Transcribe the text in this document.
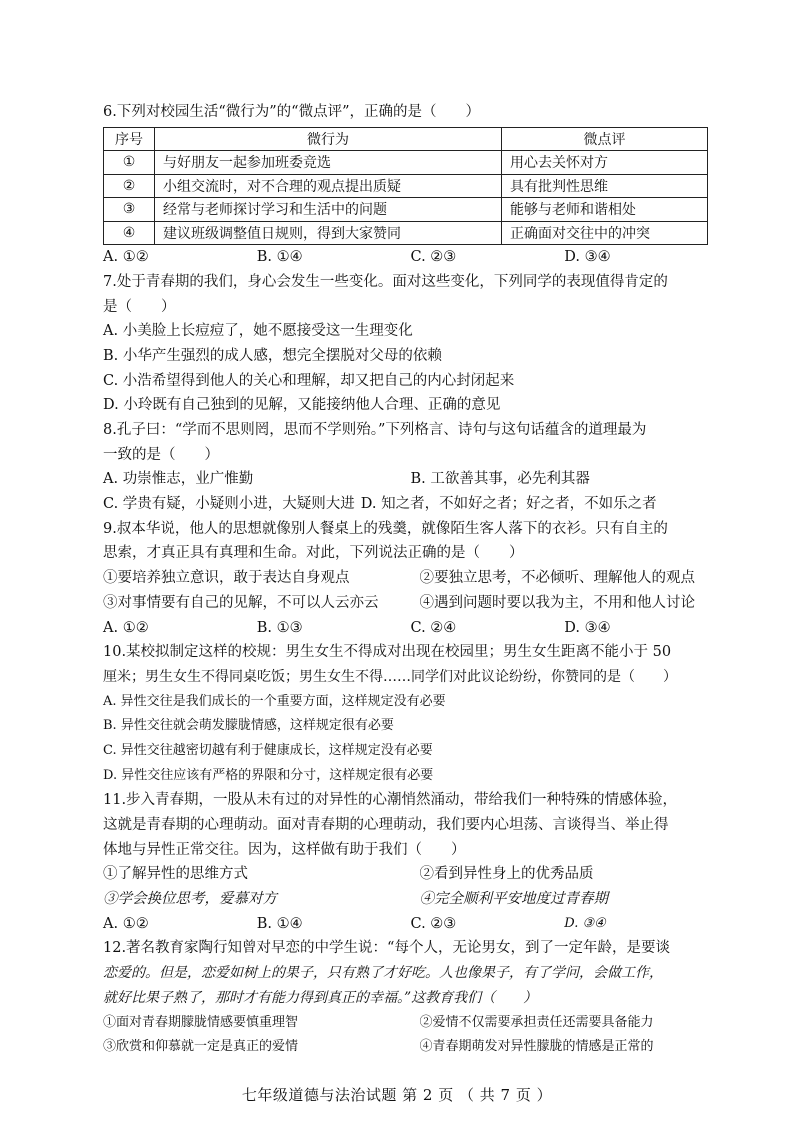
6.下列对校园生活“微行为”的“微点评”，正确的是（　　）
序号	微行为	微点评
①	与好朋友一起参加班委竞选	用心去关怀对方
②	小组交流时，对不合理的观点提出质疑	具有批判性思维
③	经常与老师探讨学习和生活中的问题	能够与老师和谐相处
④	建议班级调整值日规则，得到大家赞同	正确面对交往中的冲突
A. ①②	B. ①④	C. ②③	D. ③④
7.处于青春期的我们，身心会发生一些变化。面对这些变化，下列同学的表现值得肯定的
是（　　）
A. 小美脸上长痘痘了，她不愿接受这一生理变化
B. 小华产生强烈的成人感，想完全摆脱对父母的依赖
C. 小浩希望得到他人的关心和理解，却又把自己的内心封闭起来
D. 小玲既有自己独到的见解，又能接纳他人合理、正确的意见
8.孔子曰：“学而不思则罔，思而不学则殆。”下列格言、诗句与这句话蕴含的道理最为
一致的是（　　）
A. 功崇惟志，业广惟勤	B. 工欲善其事，必先利其器
C. 学贵有疑，小疑则小进，大疑则大进 D. 知之者，不如好之者；好之者，不如乐之者
9.叔本华说，他人的思想就像别人餐桌上的残羹，就像陌生客人落下的衣衫。只有自主的
思索，才真正具有真理和生命。对此，下列说法正确的是（　　）
①要培养独立意识，敢于表达自身观点	②要独立思考，不必倾听、理解他人的观点
③对事情要有自己的见解，不可以人云亦云	④遇到问题时要以我为主，不用和他人讨论
A. ①②	B. ①③	C. ②④	D. ③④
10.某校拟制定这样的校规：男生女生不得成对出现在校园里；男生女生距离不能小于 50
厘米；男生女生不得同桌吃饭；男生女生不得……同学们对此议论纷纷，你赞同的是（　　）
A. 异性交往是我们成长的一个重要方面，这样规定没有必要
B. 异性交往就会萌发朦胧情感，这样规定很有必要
C. 异性交往越密切越有利于健康成长，这样规定没有必要
D. 异性交往应该有严格的界限和分寸，这样规定很有必要
11.步入青春期，一股从未有过的对异性的心潮悄然涌动，带给我们一种特殊的情感体验，
这就是青春期的心理萌动。面对青春期的心理萌动，我们要内心坦荡、言谈得当、举止得
体地与异性正常交往。因为，这样做有助于我们（　　）
①了解异性的思维方式	②看到异性身上的优秀品质
③学会换位思考，爱慕对方	④完全顺利平安地度过青春期
A. ①②	B. ①④	C. ②③	D. ③④
12.著名教育家陶行知曾对早恋的中学生说：“每个人，无论男女，到了一定年龄，是要谈
恋爱的。但是，恋爱如树上的果子，只有熟了才好吃。人也像果子，有了学问，会做工作，
就好比果子熟了，那时才有能力得到真正的幸福。”这教育我们（　　）
①面对青春期朦胧情感要慎重理智	②爱情不仅需要承担责任还需要具备能力
③欣赏和仰慕就一定是真正的爱情	④青春期萌发对异性朦胧的情感是正常的
七年级道德与法治试题 第 2 页 （ 共 7 页 ）
